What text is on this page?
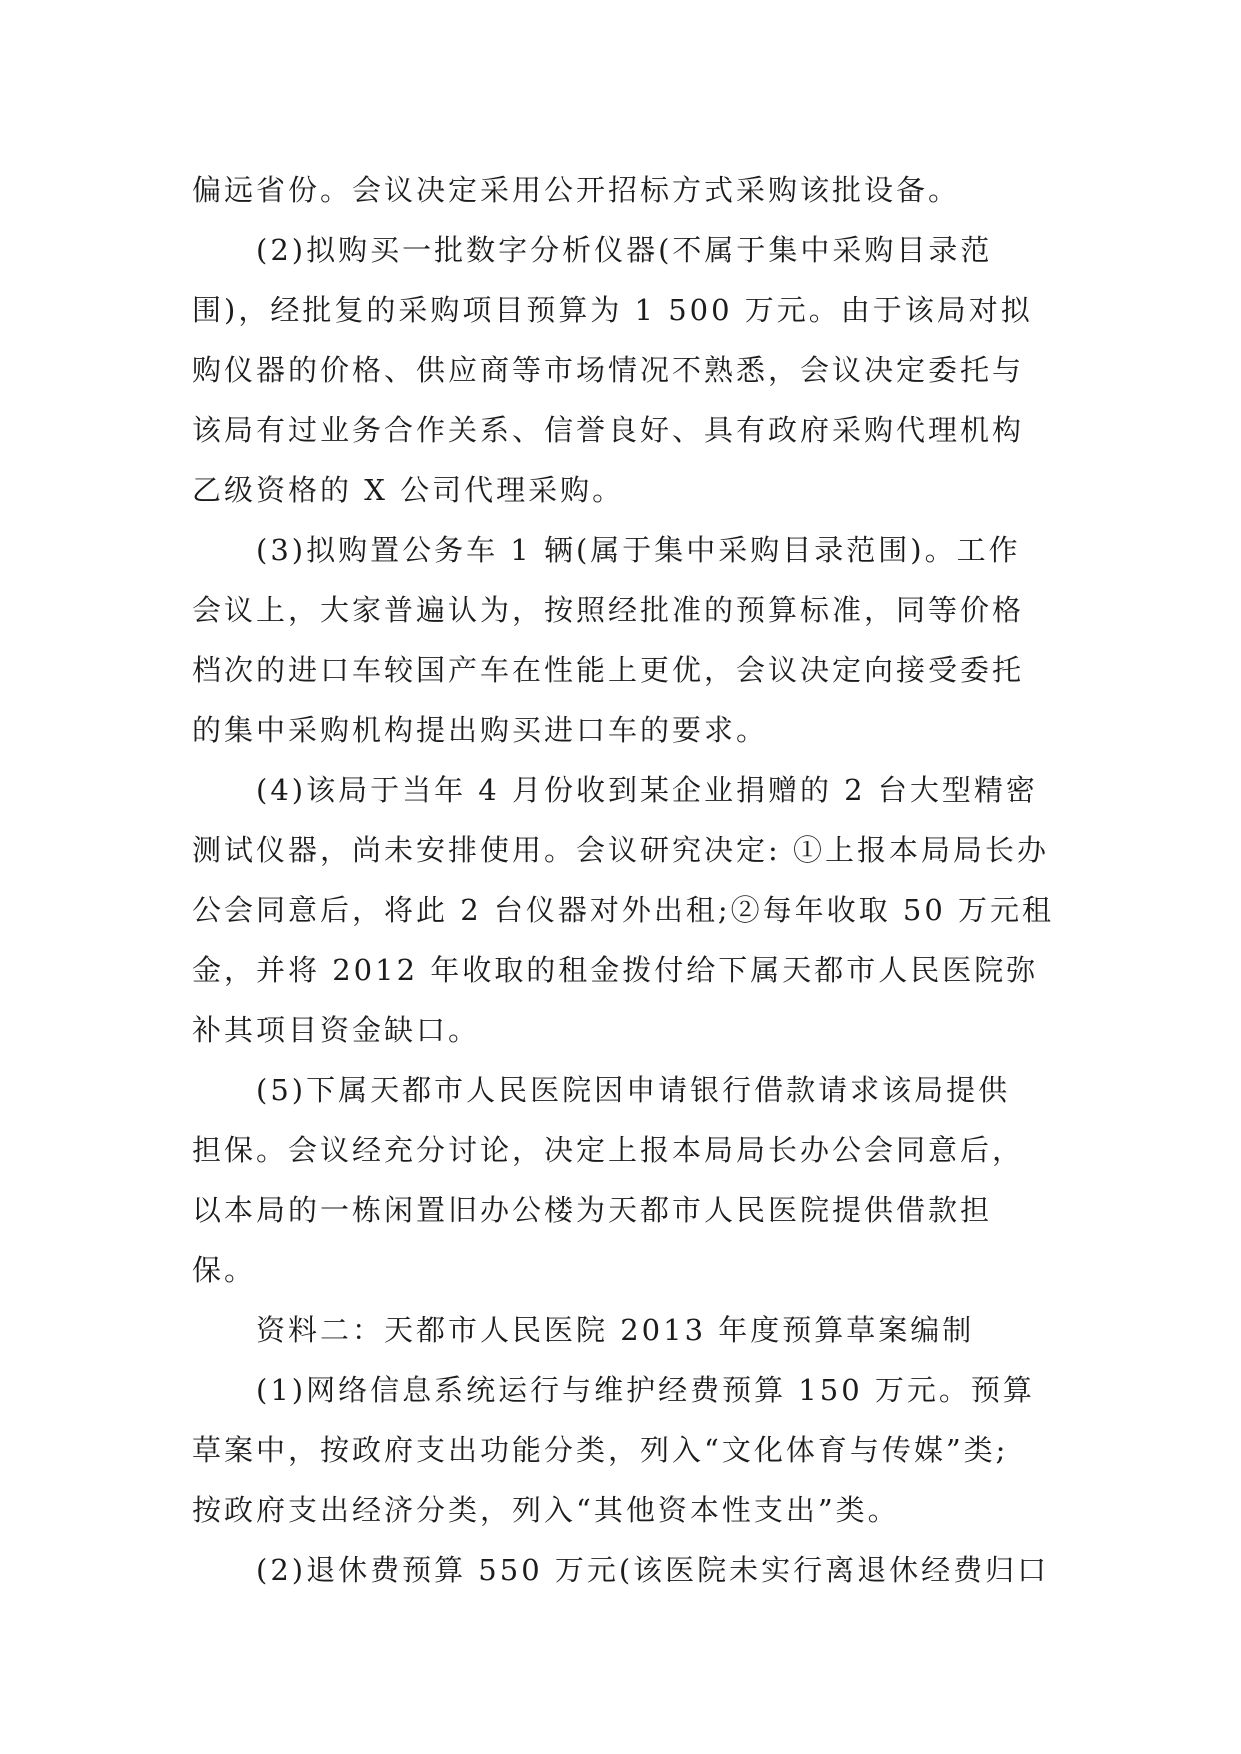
偏远省份。会议决定采用公开招标方式采购该批设备。
(2)拟购买一批数字分析仪器(不属于集中采购目录范
围)，经批复的采购项目预算为 1 500 万元。由于该局对拟
购仪器的价格、供应商等市场情况不熟悉，会议决定委托与
该局有过业务合作关系、信誉良好、具有政府采购代理机构
乙级资格的 X 公司代理采购。
(3)拟购置公务车 1 辆(属于集中采购目录范围)。工作
会议上，大家普遍认为，按照经批准的预算标准，同等价格
档次的进口车较国产车在性能上更优，会议决定向接受委托
的集中采购机构提出购买进口车的要求。
(4)该局于当年 4 月份收到某企业捐赠的 2 台大型精密
测试仪器，尚未安排使用。会议研究决定: ①上报本局局长办
公会同意后，将此 2 台仪器对外出租;②每年收取 50 万元租
金，并将 2012 年收取的租金拨付给下属天都市人民医院弥
补其项目资金缺口。
(5)下属天都市人民医院因申请银行借款请求该局提供
担保。会议经充分讨论，决定上报本局局长办公会同意后，
以本局的一栋闲置旧办公楼为天都市人民医院提供借款担
保。
资料二：天都市人民医院 2013 年度预算草案编制
(1)网络信息系统运行与维护经费预算 150 万元。预算
草案中，按政府支出功能分类，列入“文化体育与传媒”类;
按政府支出经济分类，列入“其他资本性支出”类。
(2)退休费预算 550 万元(该医院未实行离退休经费归口
